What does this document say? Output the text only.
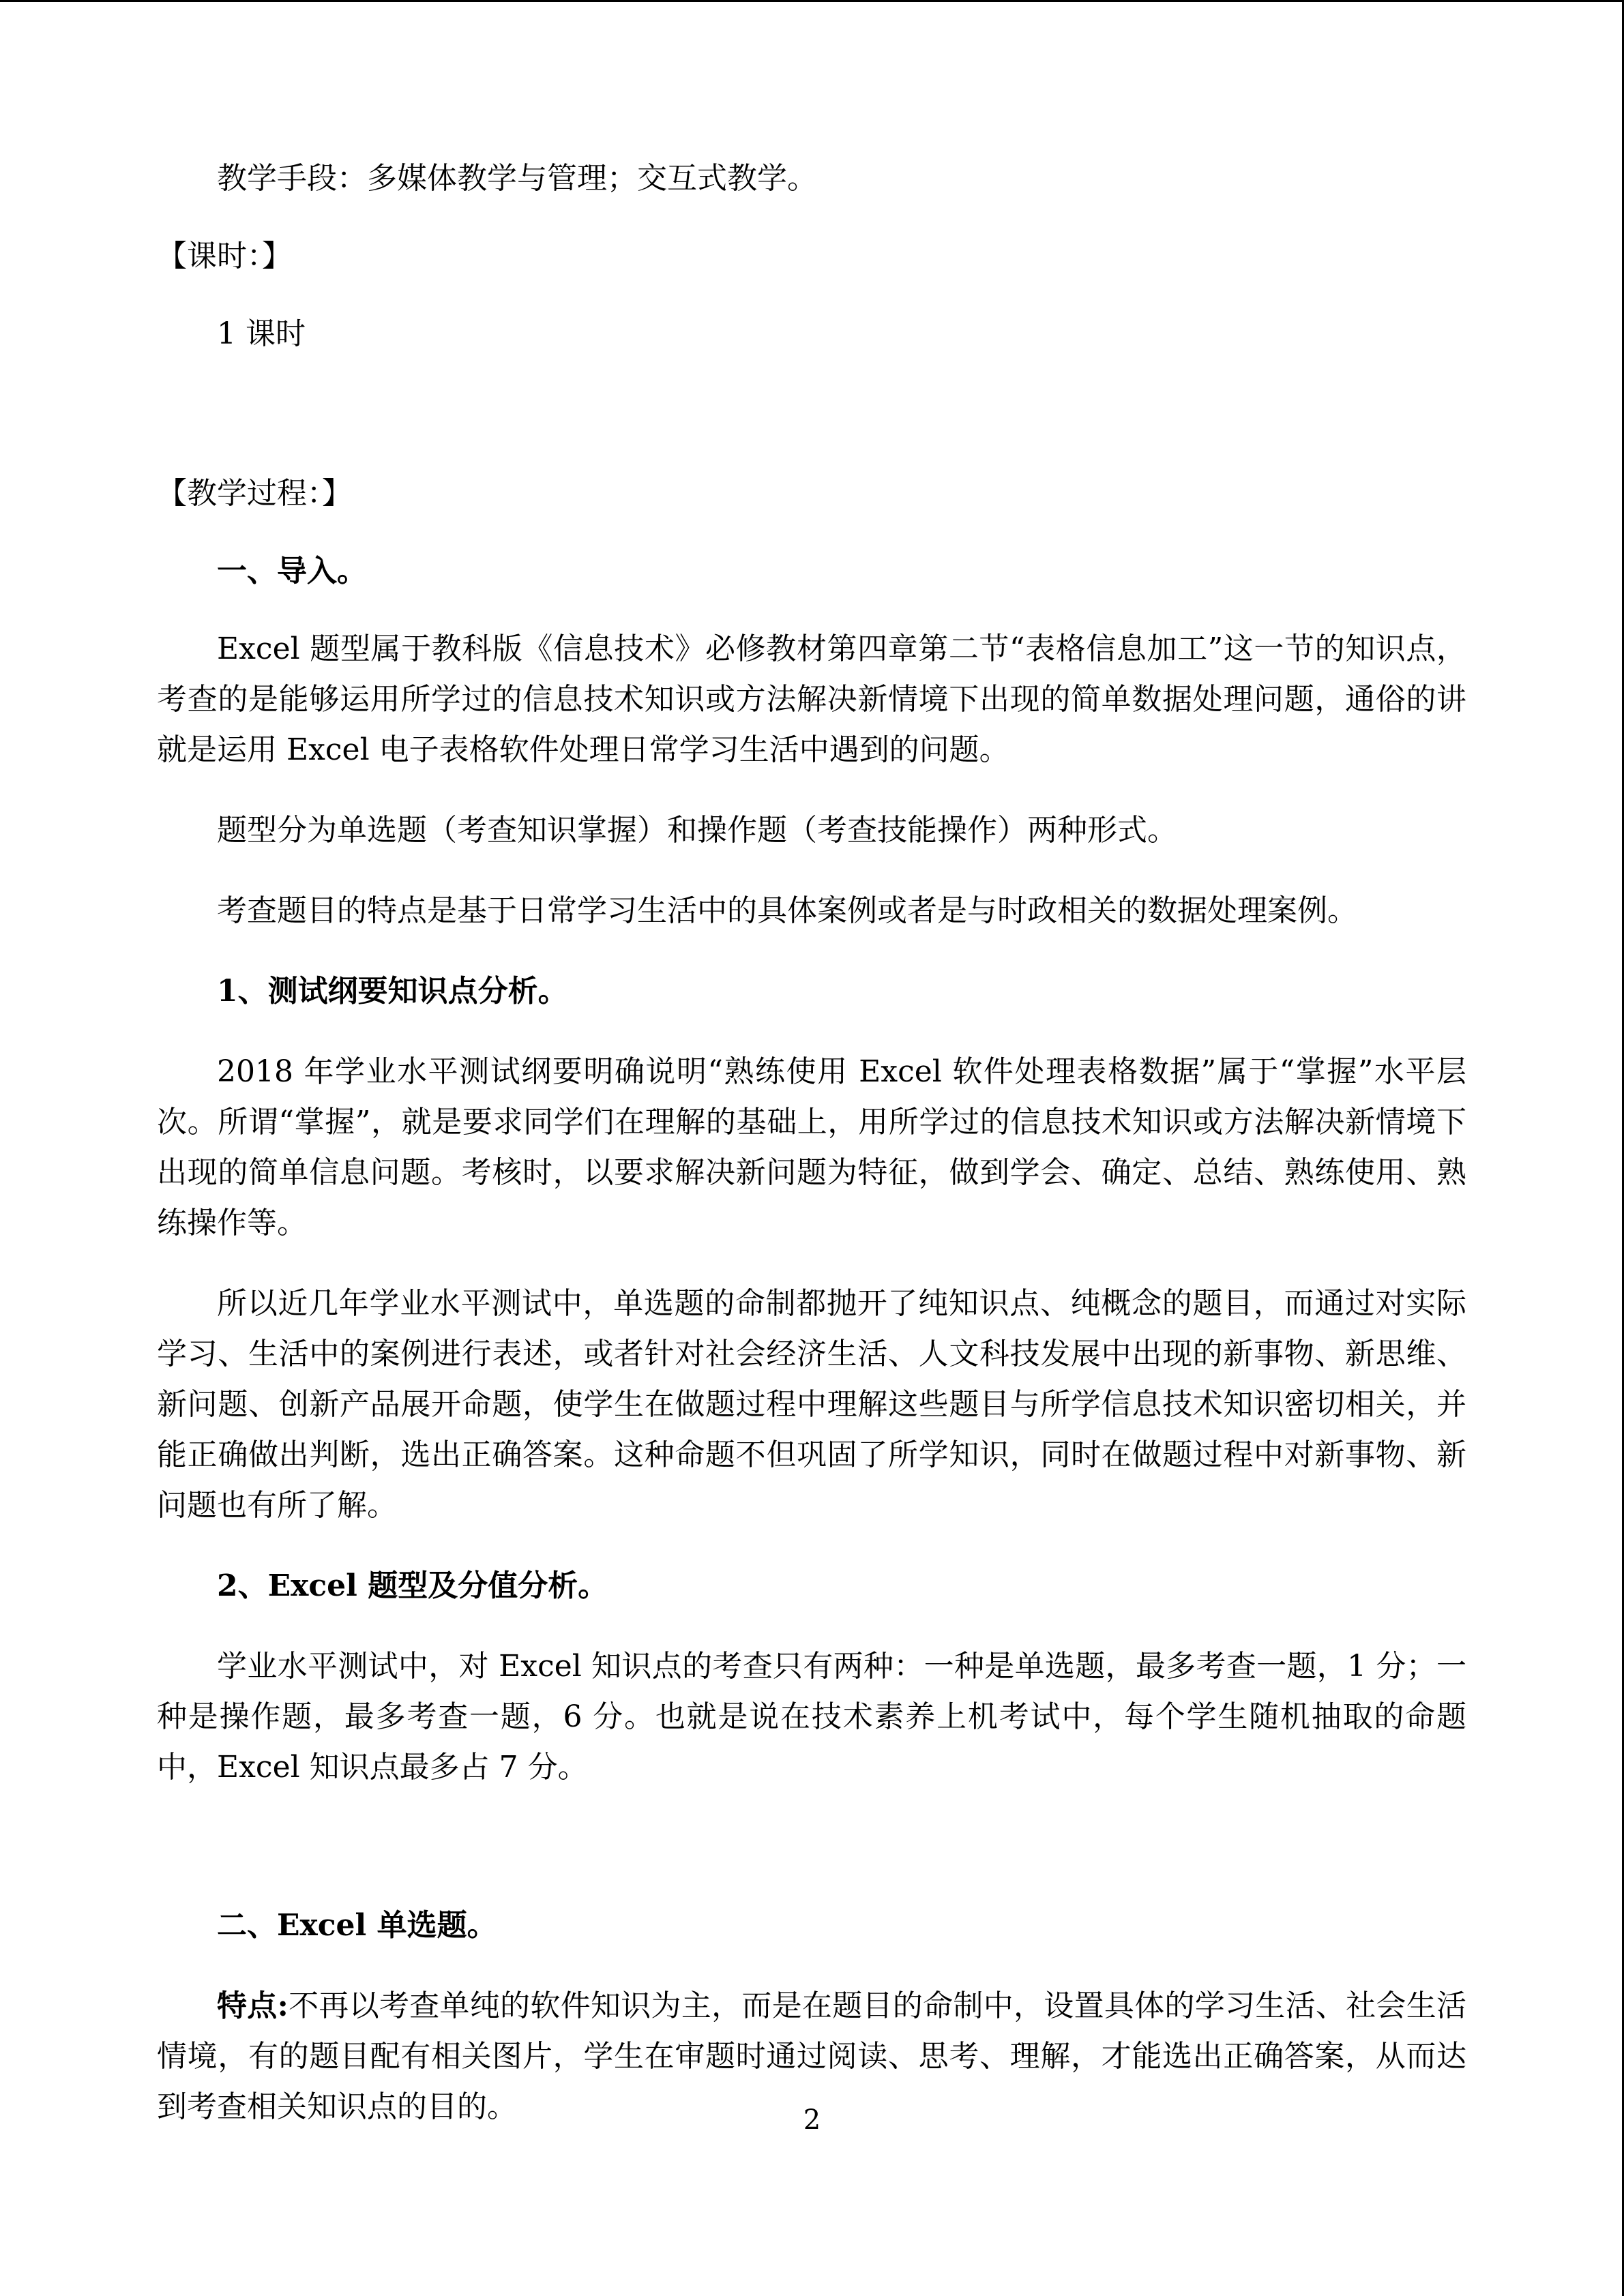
教学手段：多媒体教学与管理；交互式教学。

【课时：】

1 课时

【教学过程：】

一、导入。

Excel 题型属于教科版《信息技术》必修教材第四章第二节“表格信息加工”这一节的知识点，考查的是能够运用所学过的信息技术知识或方法解决新情境下出现的简单数据处理问题，通俗的讲就是运用 Excel 电子表格软件处理日常学习生活中遇到的问题。

题型分为单选题（考查知识掌握）和操作题（考查技能操作）两种形式。

考查题目的特点是基于日常学习生活中的具体案例或者是与时政相关的数据处理案例。

1、测试纲要知识点分析。

2018 年学业水平测试纲要明确说明“熟练使用 Excel 软件处理表格数据”属于“掌握”水平层次。所谓“掌握”，就是要求同学们在理解的基础上，用所学过的信息技术知识或方法解决新情境下出现的简单信息问题。考核时，以要求解决新问题为特征，做到学会、确定、总结、熟练使用、熟练操作等。

所以近几年学业水平测试中，单选题的命制都抛开了纯知识点、纯概念的题目，而通过对实际学习、生活中的案例进行表述，或者针对社会经济生活、人文科技发展中出现的新事物、新思维、新问题、创新产品展开命题，使学生在做题过程中理解这些题目与所学信息技术知识密切相关，并能正确做出判断，选出正确答案。这种命题不但巩固了所学知识，同时在做题过程中对新事物、新问题也有所了解。

2、Excel 题型及分值分析。

学业水平测试中，对 Excel 知识点的考查只有两种：一种是单选题，最多考查一题，1 分；一种是操作题，最多考查一题，6 分。也就是说在技术素养上机考试中，每个学生随机抽取的命题中，Excel 知识点最多占 7 分。

二、Excel 单选题。

特点:不再以考查单纯的软件知识为主，而是在题目的命制中，设置具体的学习生活、社会生活情境，有的题目配有相关图片，学生在审题时通过阅读、思考、理解，才能选出正确答案，从而达到考查相关知识点的目的。	2
